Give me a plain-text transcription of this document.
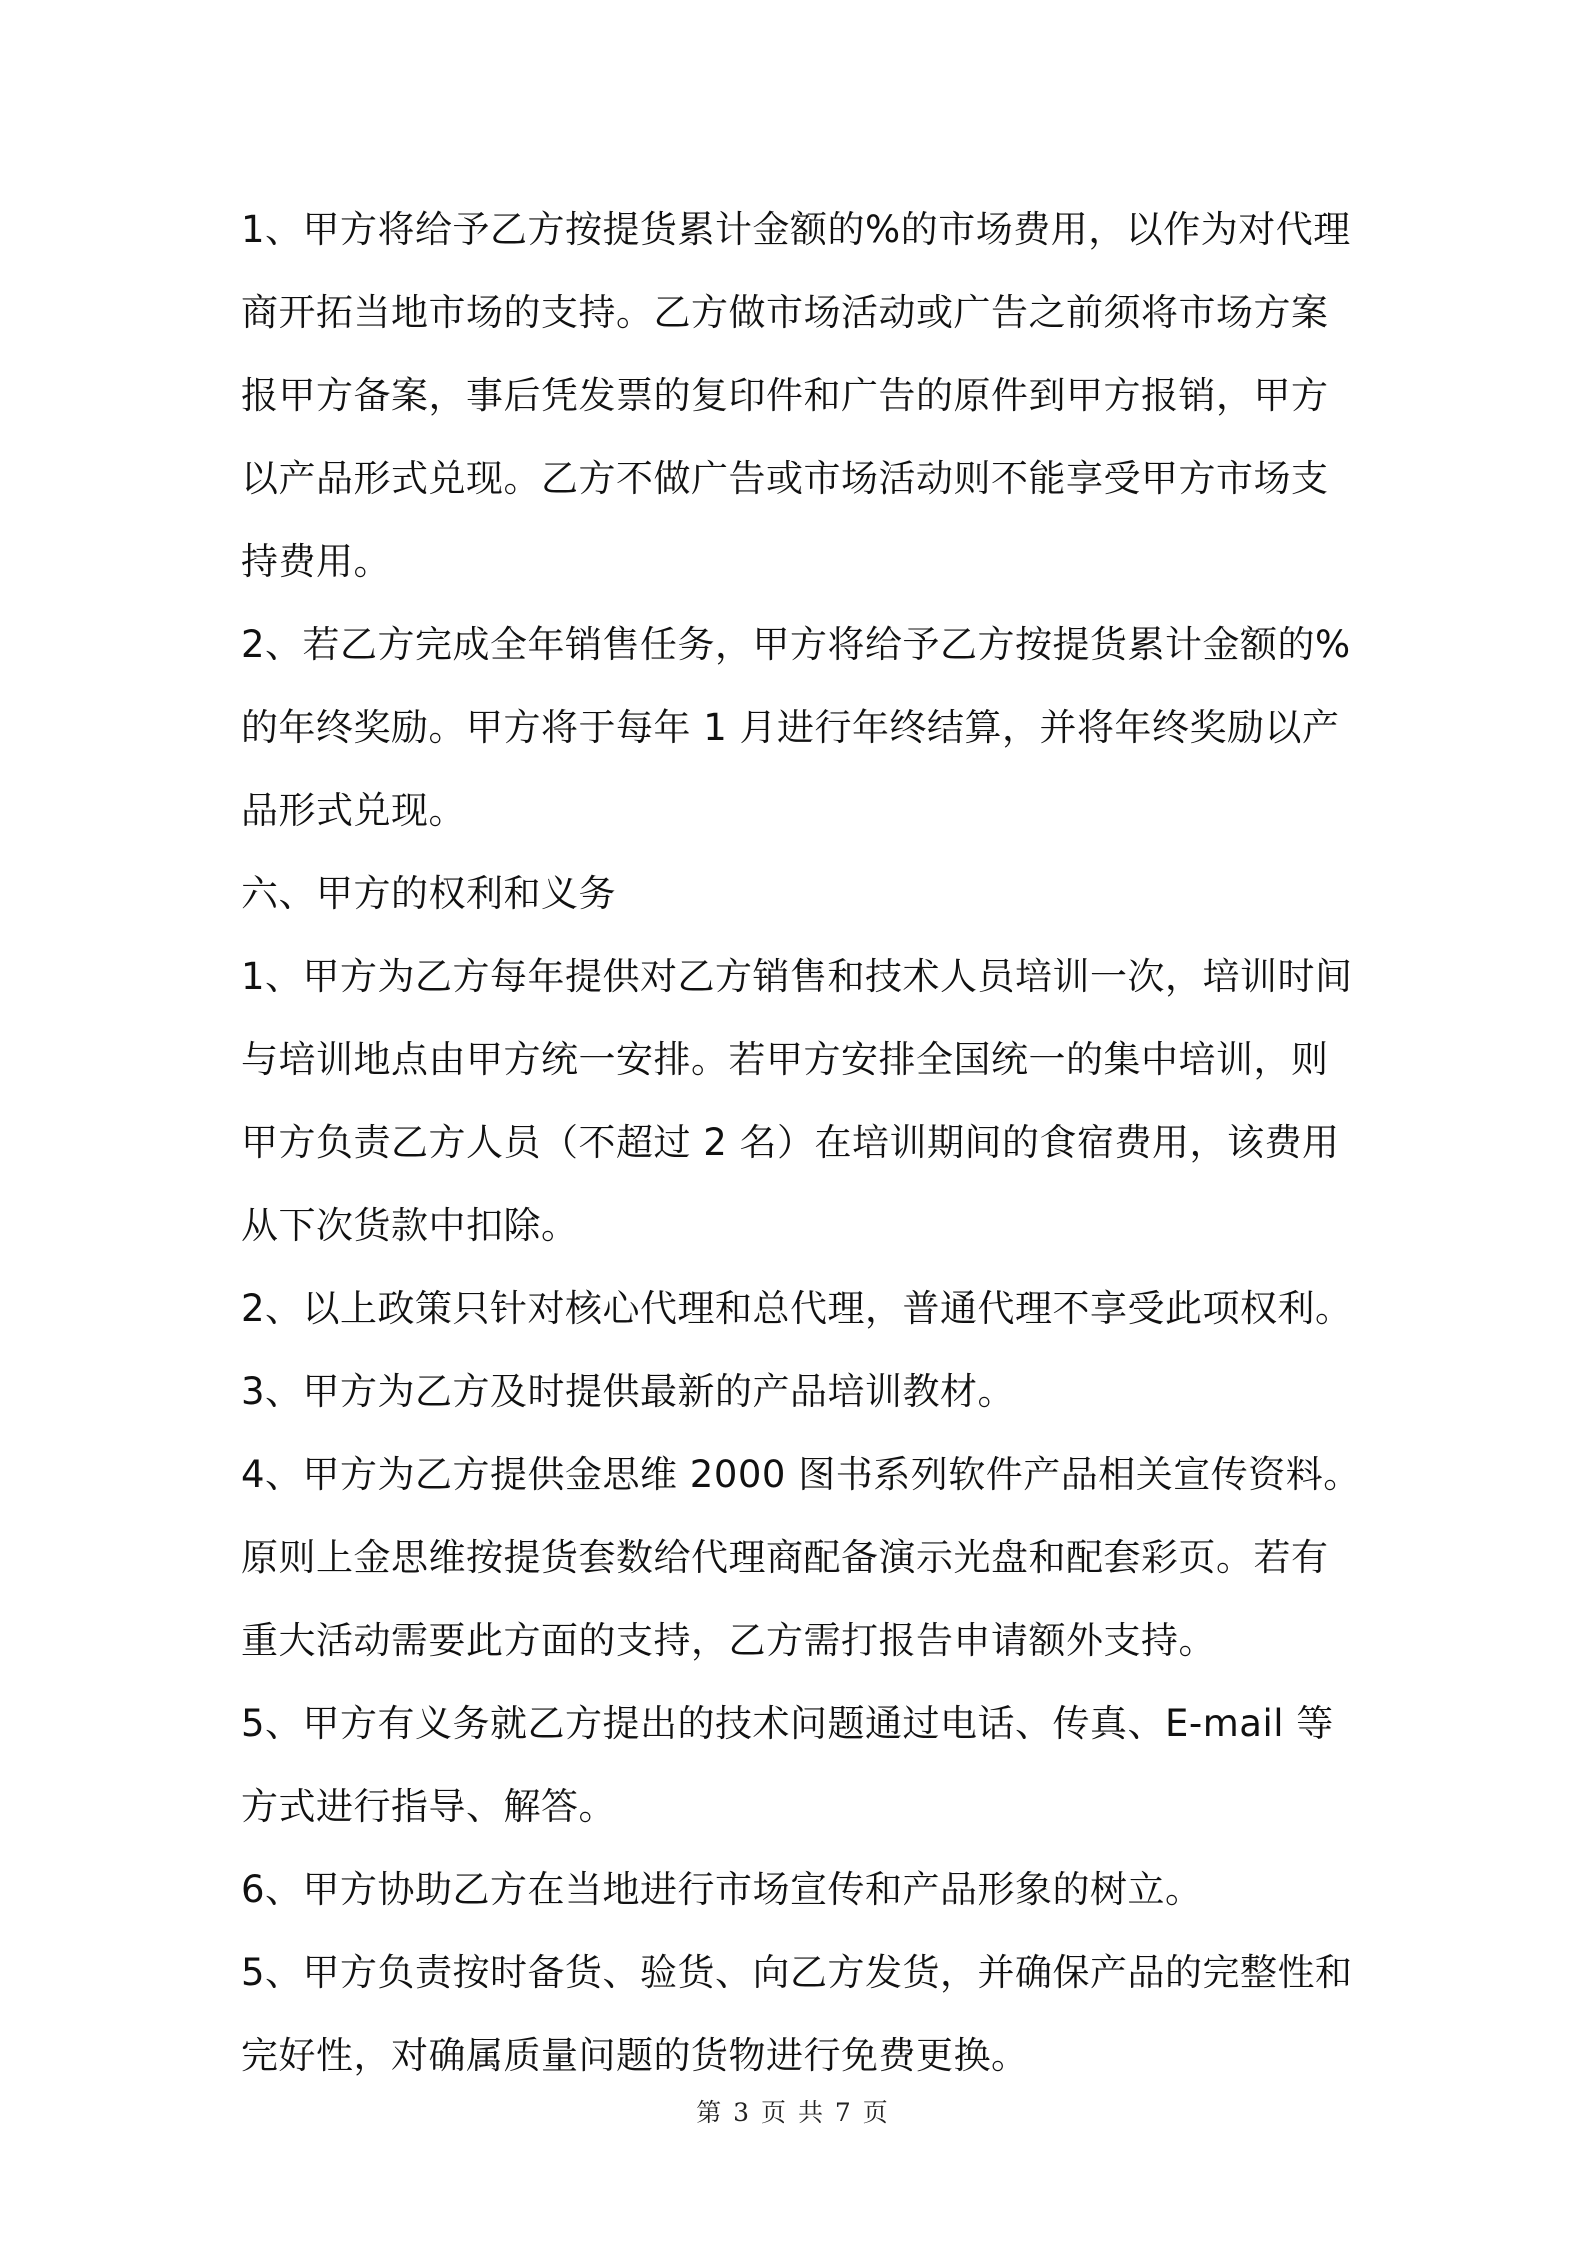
1、甲方将给予乙方按提货累计金额的%的市场费用，以作为对代理商开拓当地市场的支持。乙方做市场活动或广告之前须将市场方案报甲方备案，事后凭发票的复印件和广告的原件到甲方报销，甲方以产品形式兑现。乙方不做广告或市场活动则不能享受甲方市场支持费用。

2、若乙方完成全年销售任务，甲方将给予乙方按提货累计金额的%的年终奖励。甲方将于每年 1 月进行年终结算，并将年终奖励以产品形式兑现。

六、甲方的权利和义务

1、甲方为乙方每年提供对乙方销售和技术人员培训一次，培训时间与培训地点由甲方统一安排。若甲方安排全国统一的集中培训，则甲方负责乙方人员（不超过 2 名）在培训期间的食宿费用，该费用从下次货款中扣除。

2、以上政策只针对核心代理和总代理，普通代理不享受此项权利。

3、甲方为乙方及时提供最新的产品培训教材。

4、甲方为乙方提供金思维 2000 图书系列软件产品相关宣传资料。原则上金思维按提货套数给代理商配备演示光盘和配套彩页。若有重大活动需要此方面的支持，乙方需打报告申请额外支持。

5、甲方有义务就乙方提出的技术问题通过电话、传真、E-mail 等方式进行指导、解答。

6、甲方协助乙方在当地进行市场宣传和产品形象的树立。

5、甲方负责按时备货、验货、向乙方发货，并确保产品的完整性和完好性，对确属质量问题的货物进行免费更换。

第 3 页 共 7 页
